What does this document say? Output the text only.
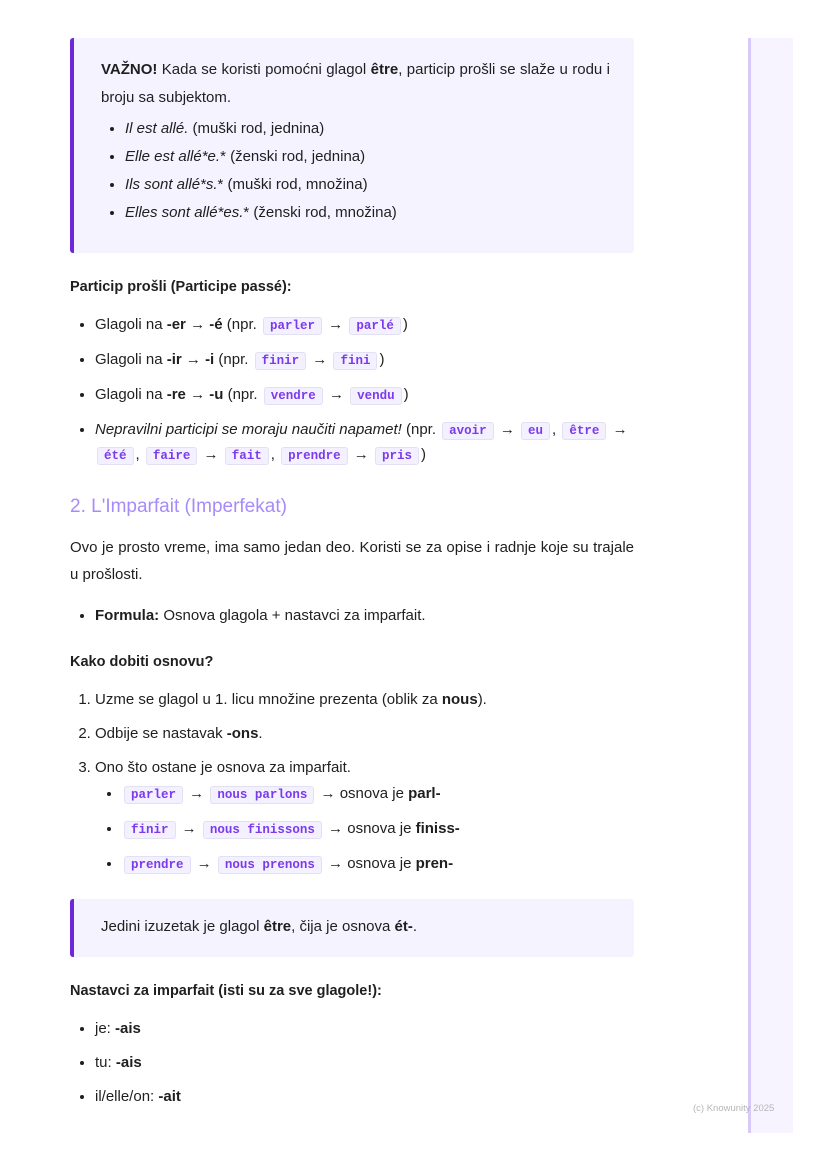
VAŽNO! Kada se koristi pomoćni glagol être, particip prošli se slaže u rodu i broju sa subjektom.
• Il est allé. (muški rod, jednina)
• Elle est allé*e.* (ženski rod, jednina)
• Ils sont allé*s.* (muški rod, množina)
• Elles sont allé*es.* (ženski rod, množina)
Particip prošli (Participe passé):
• Glagoli na -er → -é (npr. parler → parlé )
• Glagoli na -ir → -i (npr. finir → fini )
• Glagoli na -re → -u (npr. vendre → vendu )
• Nepravilni participi se moraju naučiti napamet! (npr. avoir → eu , être → été , faire → fait , prendre → pris )
2. L'Imparfait (Imperfekat)

Ovo je prosto vreme, ima samo jedan deo. Koristi se za opise i radnje koje su trajale u prošlosti.

• Formula: Osnova glagola + nastavci za imparfait.
Kako dobiti osnovu?
1. Uzme se glagol u 1. licu množine prezenta (oblik za nous).
2. Odbije se nastavak -ons.
3. Ono što ostane je osnova za imparfait.
• parler → nous parlons → osnova je parl-
• finir → nous finissons → osnova je finiss-
• prendre → nous prenons → osnova je pren-
Jedini izuzetak je glagol être, čija je osnova ét-.
Nastavci za imparfait (isti su za sve glagole!):
• je: -ais
• tu: -ais
• il/elle/on: -ait
(c) Knowunity 2025
